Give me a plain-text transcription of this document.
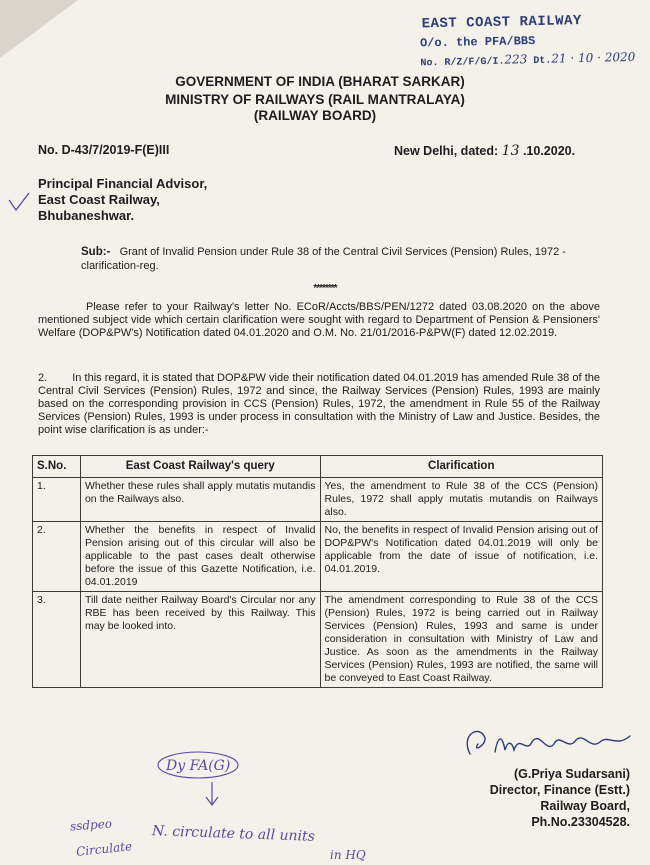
EAST COAST RAILWAY
O/o. the PFA/BBS
No. R/Z/F/G/I.223 Dt.21 · 10 · 2020
GOVERNMENT OF INDIA (BHARAT SARKAR)
MINISTRY OF RAILWAYS (RAIL MANTRALAYA)
(RAILWAY BOARD)
No. D-43/7/2019-F(E)III	New Delhi, dated: 13 .10.2020.
Principal Financial Advisor,
East Coast Railway,
Bhubaneshwar.
Sub:- Grant of Invalid Pension under Rule 38 of the Central Civil Services (Pension) Rules, 1972 -clarification-reg.
********
Please refer to your Railway's letter No. ECoR/Accts/BBS/PEN/1272 dated 03.08.2020 on the above mentioned subject vide which certain clarification were sought with regard to Department of Pension & Pensioners' Welfare (DOP&PW's) Notification dated 04.01.2020 and O.M. No. 21/01/2016-P&PW(F) dated 12.02.2019.
2. In this regard, it is stated that DOP&PW vide their notification dated 04.01.2019 has amended Rule 38 of the Central Civil Services (Pension) Rules, 1972 and since, the Railway Services (Pension) Rules, 1993 are mainly based on the corresponding provision in CCS (Pension) Rules, 1972, the amendment in Rule 55 of the Railway Services (Pension) Rules, 1993 is under process in consultation with the Ministry of Law and Justice. Besides, the point wise clarification is as under:-
S.No.	East Coast Railway's query	Clarification
1.	Whether these rules shall apply mutatis mutandis on the Railways also.	Yes, the amendment to Rule 38 of the CCS (Pension) Rules, 1972 shall apply mutatis mutandis on Railways also.
2.	Whether the benefits in respect of Invalid Pension arising out of this circular will also be applicable to the past cases dealt otherwise before the issue of this Gazette Notification, i.e. 04.01.2019	No, the benefits in respect of Invalid Pension arising out of DOP&PW's Notification dated 04.01.2019 will only be applicable from the date of issue of notification, i.e. 04.01.2019.
3.	Till date neither Railway Board's Circular nor any RBE has been received by this Railway. This may be looked into.	The amendment corresponding to Rule 38 of the CCS (Pension) Rules, 1972 is being carried out in Railway Services (Pension) Rules, 1993 and same is under consideration in consultation with Ministry of Law and Justice. As soon as the amendments in the Railway Services (Pension) Rules, 1993 are notified, the same will be conveyed to East Coast Railway.
(G.Priya Sudarsani)
Director, Finance (Estt.)
Railway Board,
Ph.No.23304528.
Dy FA(G)
ssdpeo
Circulate
N. circulate to all units
in HQ
